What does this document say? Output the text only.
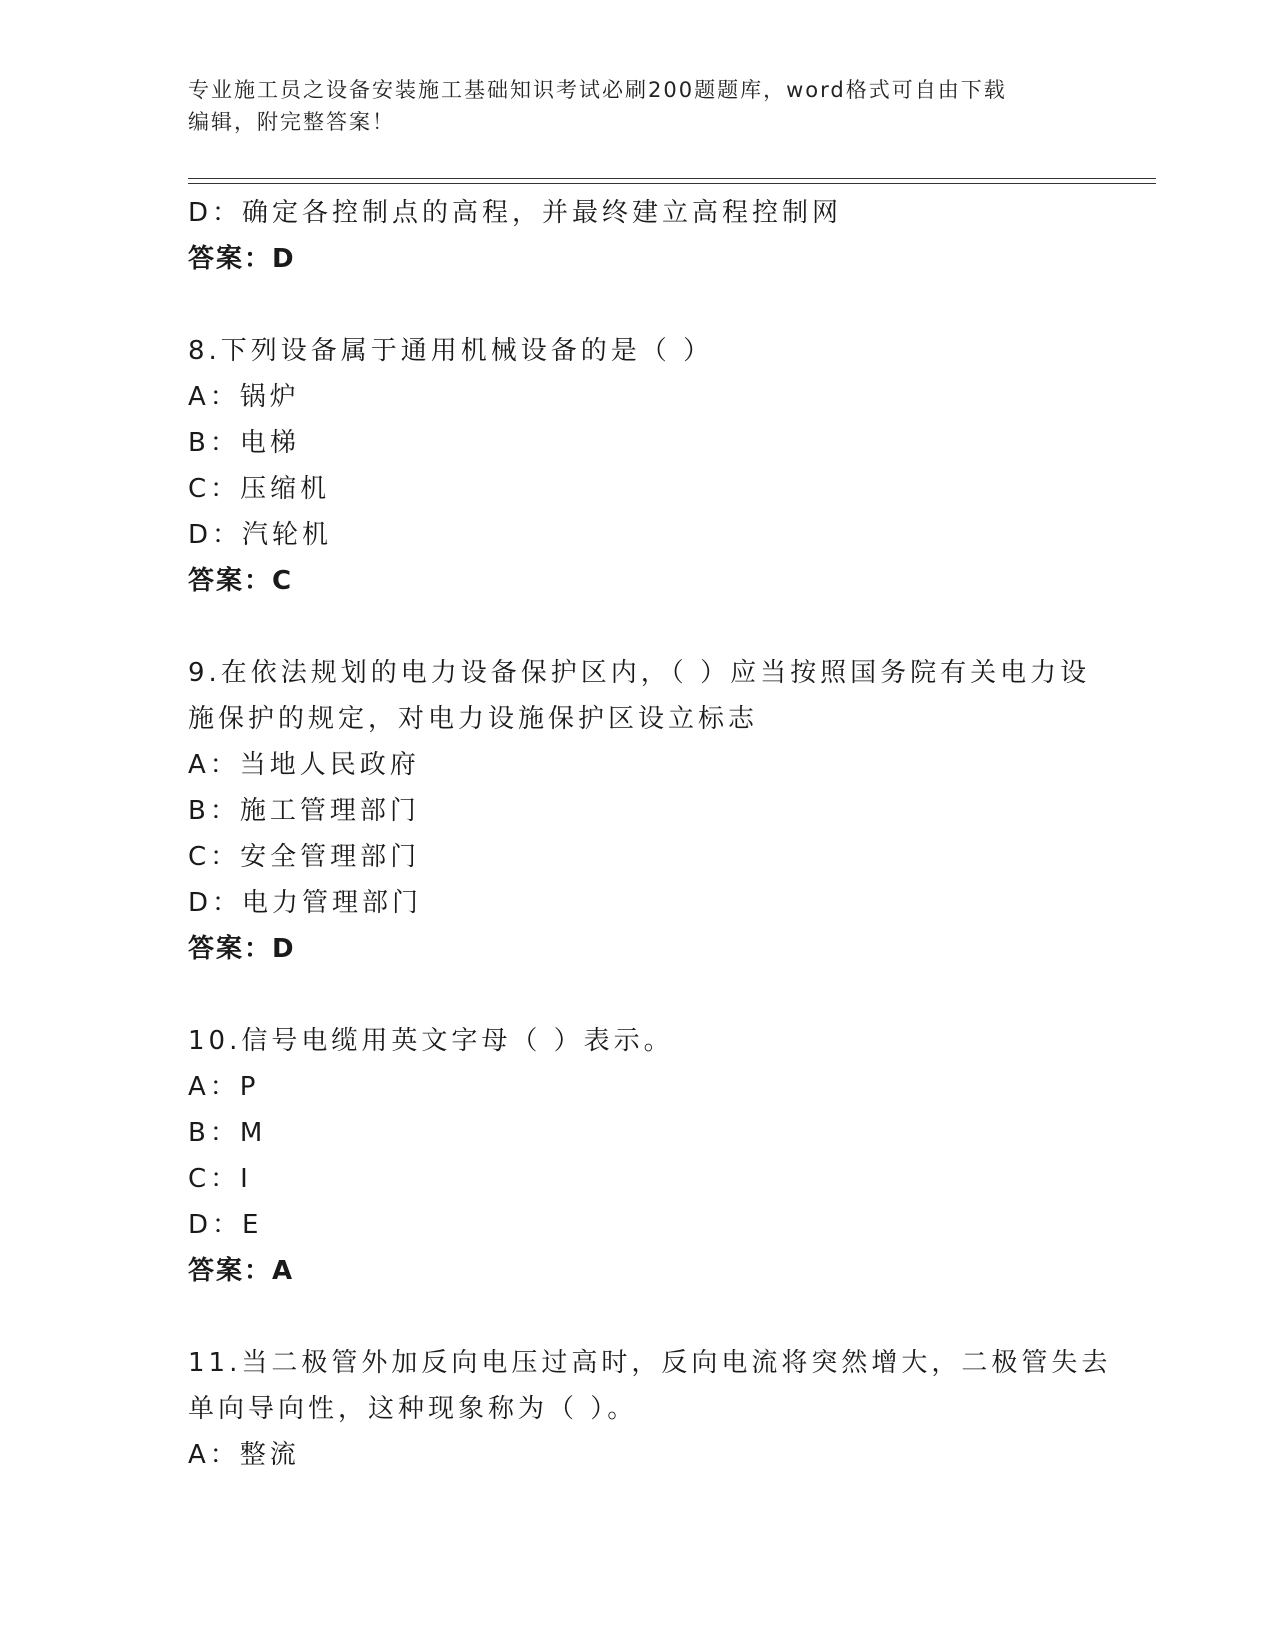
专业施工员之设备安装施工基础知识考试必刷200题题库，word格式可自由下载
编辑，附完整答案！
D：确定各控制点的高程，并最终建立高程控制网
答案：D
8.下列设备属于通用机械设备的是（ ）
A：锅炉
B：电梯
C：压缩机
D：汽轮机
答案：C
9.在依法规划的电力设备保护区内，（ ）应当按照国务院有关电力设
施保护的规定，对电力设施保护区设立标志
A：当地人民政府
B：施工管理部门
C：安全管理部门
D：电力管理部门
答案：D
10.信号电缆用英文字母（ ）表示。
A：P
B：M
C：I
D：E
答案：A
11.当二极管外加反向电压过高时，反向电流将突然增大，二极管失去
单向导向性，这种现象称为（ ）。
A：整流
